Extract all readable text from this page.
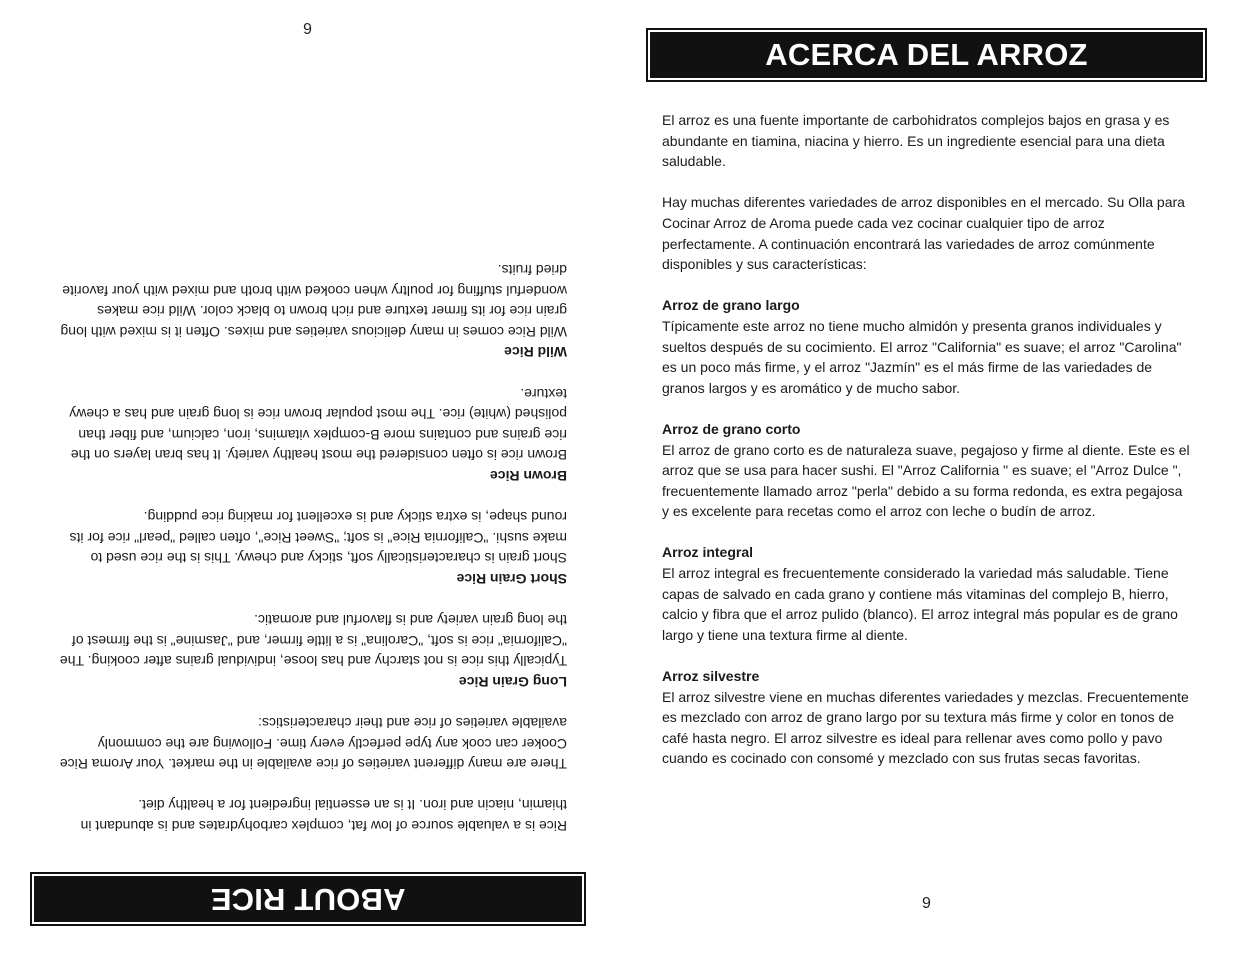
ABOUT RICE

Rice is a valuable source of low fat, complex carbohydrates and is abundant in thiamin, niacin and iron. It is an essential ingredient for a healthy diet.

There are many different varieties of rice available in the market. Your Aroma Rice Cooker can cook any type perfectly every time. Following are the commonly available varieties of rice and their characteristics:

Long Grain Rice
Typically this rice is not starchy and has loose, individual grains after cooking. The "California" rice is soft, "Carolina" is a little firmer, and "Jasmine" is the firmest of the long grain variety and is flavorful and aromatic.

Short Grain Rice
Short grain is characteristically soft, sticky and chewy. This is the rice used to make sushi. "California Rice" is soft; "Sweet Rice", often called "pearl" rice for its round shape, is extra sticky and is excellent for making rice pudding.

Brown Rice
Brown rice is often considered the most healthy variety. It has bran layers on the rice grains and contains more B-complex vitamins, iron, calcium, and fiber than polished (white) rice. The most popular brown rice is long grain and has a chewy texture.

Wild Rice
Wild Rice comes in many delicious varieties and mixes. Often it is mixed with long grain rice for its firmer texture and rich brown to black color. Wild rice makes wonderful stuffing for poultry when cooked with broth and mixed with your favorite dried fruits.

6
ACERCA DEL ARROZ

El arroz es una fuente importante de carbohidratos complejos bajos en grasa y es abundante en tiamina, niacina y hierro. Es un ingrediente esencial para una dieta saludable.

Hay muchas diferentes variedades de arroz disponibles en el mercado. Su Olla para Cocinar Arroz de Aroma puede cada vez cocinar cualquier tipo de arroz perfectamente. A continuación encontrará las variedades de arroz comúnmente disponibles y sus características:

Arroz de grano largo
Típicamente este arroz no tiene mucho almidón y presenta granos individuales y sueltos después de su cocimiento. El arroz "California" es suave; el arroz "Carolina" es un poco más firme, y el arroz "Jazmín" es el más firme de las variedades de granos largos y es aromático y de mucho sabor.

Arroz de grano corto
El arroz de grano corto es de naturaleza suave, pegajoso y firme al diente. Este es el arroz que se usa para hacer sushi. El "Arroz California " es suave; el "Arroz Dulce ", frecuentemente llamado arroz "perla" debido a su forma redonda, es extra pegajosa y es excelente para recetas como el arroz con leche o budín de arroz.

Arroz integral
El arroz integral es frecuentemente considerado la variedad más saludable. Tiene capas de salvado en cada grano y contiene más vitaminas del complejo B, hierro, calcio y fibra que el arroz pulido (blanco). El arroz integral más popular es de grano largo y tiene una textura firme al diente.

Arroz silvestre
El arroz silvestre viene en muchas diferentes variedades y mezclas. Frecuentemente es mezclado con arroz de grano largo por su textura más firme y color en tonos de café hasta negro. El arroz silvestre es ideal para rellenar aves como pollo y pavo cuando es cocinado con consomé y mezclado con sus frutas secas favoritas.

9
